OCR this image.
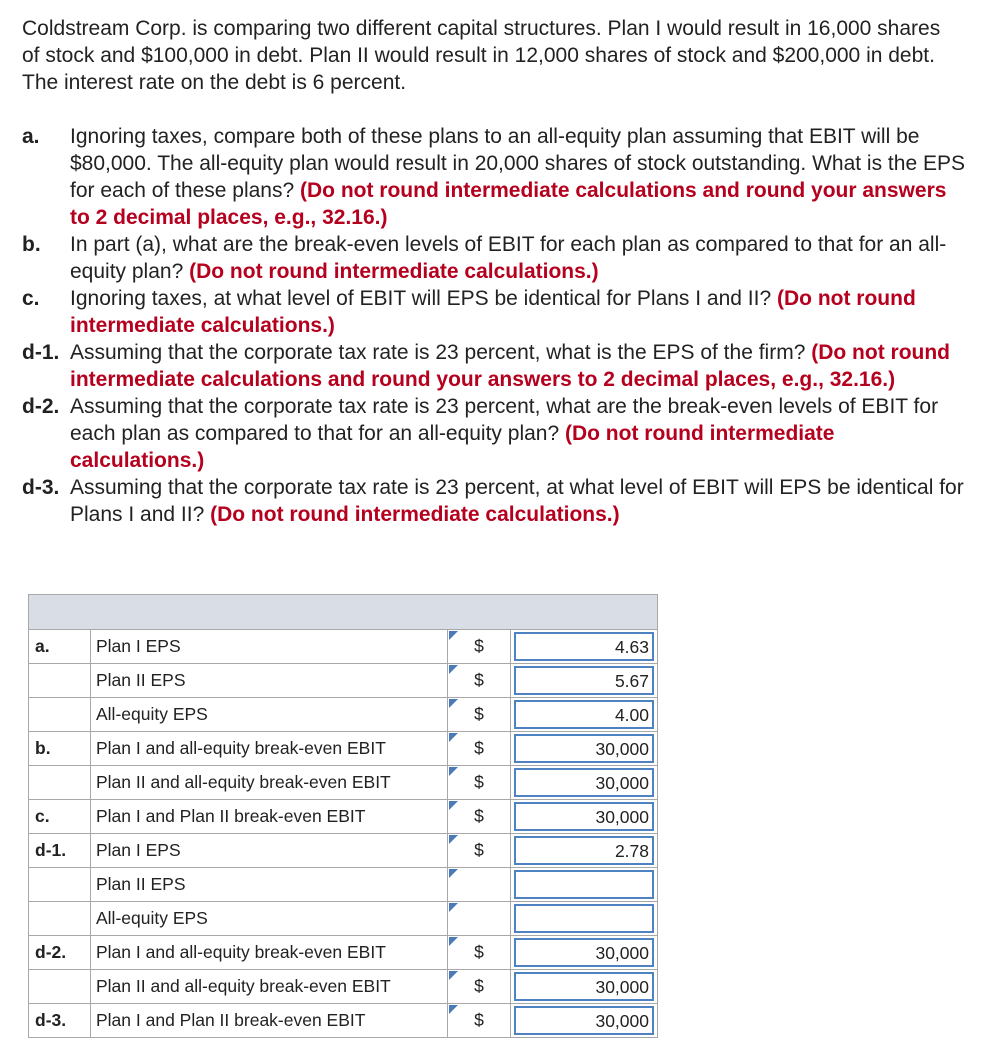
Coldstream Corp. is comparing two different capital structures. Plan I would result in 16,000 shares of stock and $100,000 in debt. Plan II would result in 12,000 shares of stock and $200,000 in debt. The interest rate on the debt is 6 percent.

a.	Ignoring taxes, compare both of these plans to an all-equity plan assuming that EBIT will be $80,000. The all-equity plan would result in 20,000 shares of stock outstanding. What is the EPS for each of these plans? (Do not round intermediate calculations and round your answers to 2 decimal places, e.g., 32.16.)
b.	In part (a), what are the break-even levels of EBIT for each plan as compared to that for an all-equity plan? (Do not round intermediate calculations.)
c.	Ignoring taxes, at what level of EBIT will EPS be identical for Plans I and II? (Do not round intermediate calculations.)
d-1. Assuming that the corporate tax rate is 23 percent, what is the EPS of the firm? (Do not round intermediate calculations and round your answers to 2 decimal places, e.g., 32.16.)
d-2. Assuming that the corporate tax rate is 23 percent, what are the break-even levels of EBIT for each plan as compared to that for an all-equity plan? (Do not round intermediate calculations.)
d-3. Assuming that the corporate tax rate is 23 percent, at what level of EBIT will EPS be identical for Plans I and II? (Do not round intermediate calculations.)

a.	Plan I EPS	$	4.63

	Plan II EPS	$	5.67

	All-equity EPS	$	4.00

b.	Plan I and all-equity break-even EBIT	$	30,000

	Plan II and all-equity break-even EBIT	$	30,000

c.	Plan I and Plan II break-even EBIT	$	30,000

d-1.	Plan I EPS	$	2.78

	Plan II EPS	

	All-equity EPS	

d-2.	Plan I and all-equity break-even EBIT	$	30,000

	Plan II and all-equity break-even EBIT	$	30,000

d-3.	Plan I and Plan II break-even EBIT	$	30,000
